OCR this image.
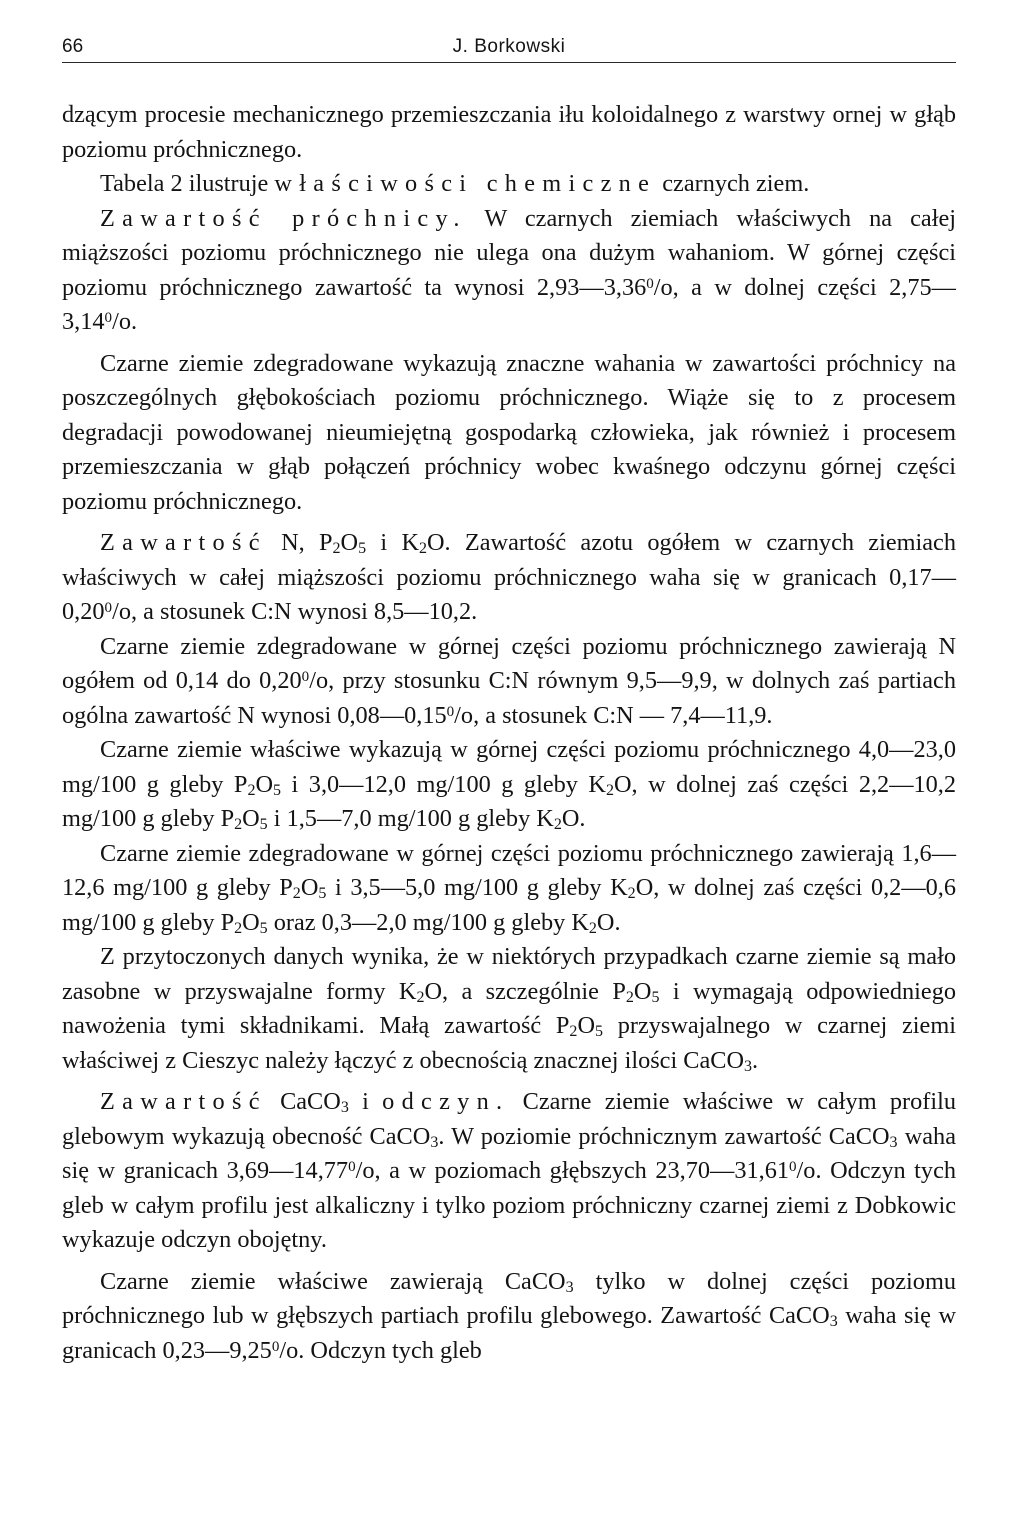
66	J. Borkowski

dzącym procesie mechanicznego przemieszczania iłu koloidalnego z warstwy ornej w głąb poziomu próchnicznego.

Tabela 2 ilustruje właściwości chemiczne czarnych ziem.

Zawartość próchnicy. W czarnych ziemiach właściwych na całej miąższości poziomu próchnicznego nie ulega ona dużym wahaniom. W górnej części poziomu próchnicznego zawartość ta wynosi 2,93—3,36$^0$/o, a w dolnej części 2,75—3,14$^0$/o.

Czarne ziemie zdegradowane wykazują znaczne wahania w zawartości próchnicy na poszczególnych głębokościach poziomu próchnicznego. Wiąże się to z procesem degradacji powodowanej nieumiejętną gospodarką człowieka, jak również i procesem przemieszczania w głąb połączeń próchnicy wobec kwaśnego odczynu górnej części poziomu próchnicznego.

Zawartość N, $P_2O_5$ i $K_2O$. Zawartość azotu ogółem w czarnych ziemiach właściwych w całej miąższości poziomu próchnicznego waha się w granicach 0,17—0,20$^0$/o, a stosunek C:N wynosi 8,5—10,2.

Czarne ziemie zdegradowane w górnej części poziomu próchnicznego zawierają N ogółem od 0,14 do 0,20$^0$/o, przy stosunku C:N równym 9,5—9,9, w dolnych zaś partiach ogólna zawartość N wynosi 0,08—0,15$^0$/o, a stosunek C:N — 7,4—11,9.

Czarne ziemie właściwe wykazują w górnej części poziomu próchnicznego 4,0—23,0 mg/100 g gleby $P_2O_5$ i 3,0—12,0 mg/100 g gleby $K_2O$, w dolnej zaś części 2,2—10,2 mg/100 g gleby $P_2O_5$ i 1,5—7,0 mg/100 g gleby $K_2O$.

Czarne ziemie zdegradowane w górnej części poziomu próchnicznego zawierają 1,6—12,6 mg/100 g gleby $P_2O_5$ i 3,5—5,0 mg/100 g gleby $K_2O$, w dolnej zaś części 0,2—0,6 mg/100 g gleby $P_2O_5$ oraz 0,3—2,0 mg/100 g gleby $K_2O$.

Z przytoczonych danych wynika, że w niektórych przypadkach czarne ziemie są mało zasobne w przyswajalne formy $K_2O$, a szczególnie $P_2O_5$ i wymagają odpowiedniego nawożenia tymi składnikami. Małą zawartość $P_2O_5$ przyswajalnego w czarnej ziemi właściwej z Cieszyc należy łączyć z obecnością znacznej ilości CaCO$_3$.

Zawartość CaCO$_3$ i odczyn. Czarne ziemie właściwe w całym profilu glebowym wykazują obecność CaCO$_3$. W poziomie próchnicznym zawartość CaCO$_3$ waha się w granicach 3,69—14,77$^0$/o, a w poziomach głębszych 23,70—31,61$^0$/o. Odczyn tych gleb w całym profilu jest alkaliczny i tylko poziom próchniczny czarnej ziemi z Dobkowic wykazuje odczyn obojętny.

Czarne ziemie właściwe zawierają CaCO$_3$ tylko w dolnej części poziomu próchnicznego lub w głębszych partiach profilu glebowego. Zawartość CaCO$_3$ waha się w granicach 0,23—9,25$^0$/o. Odczyn tych gleb
